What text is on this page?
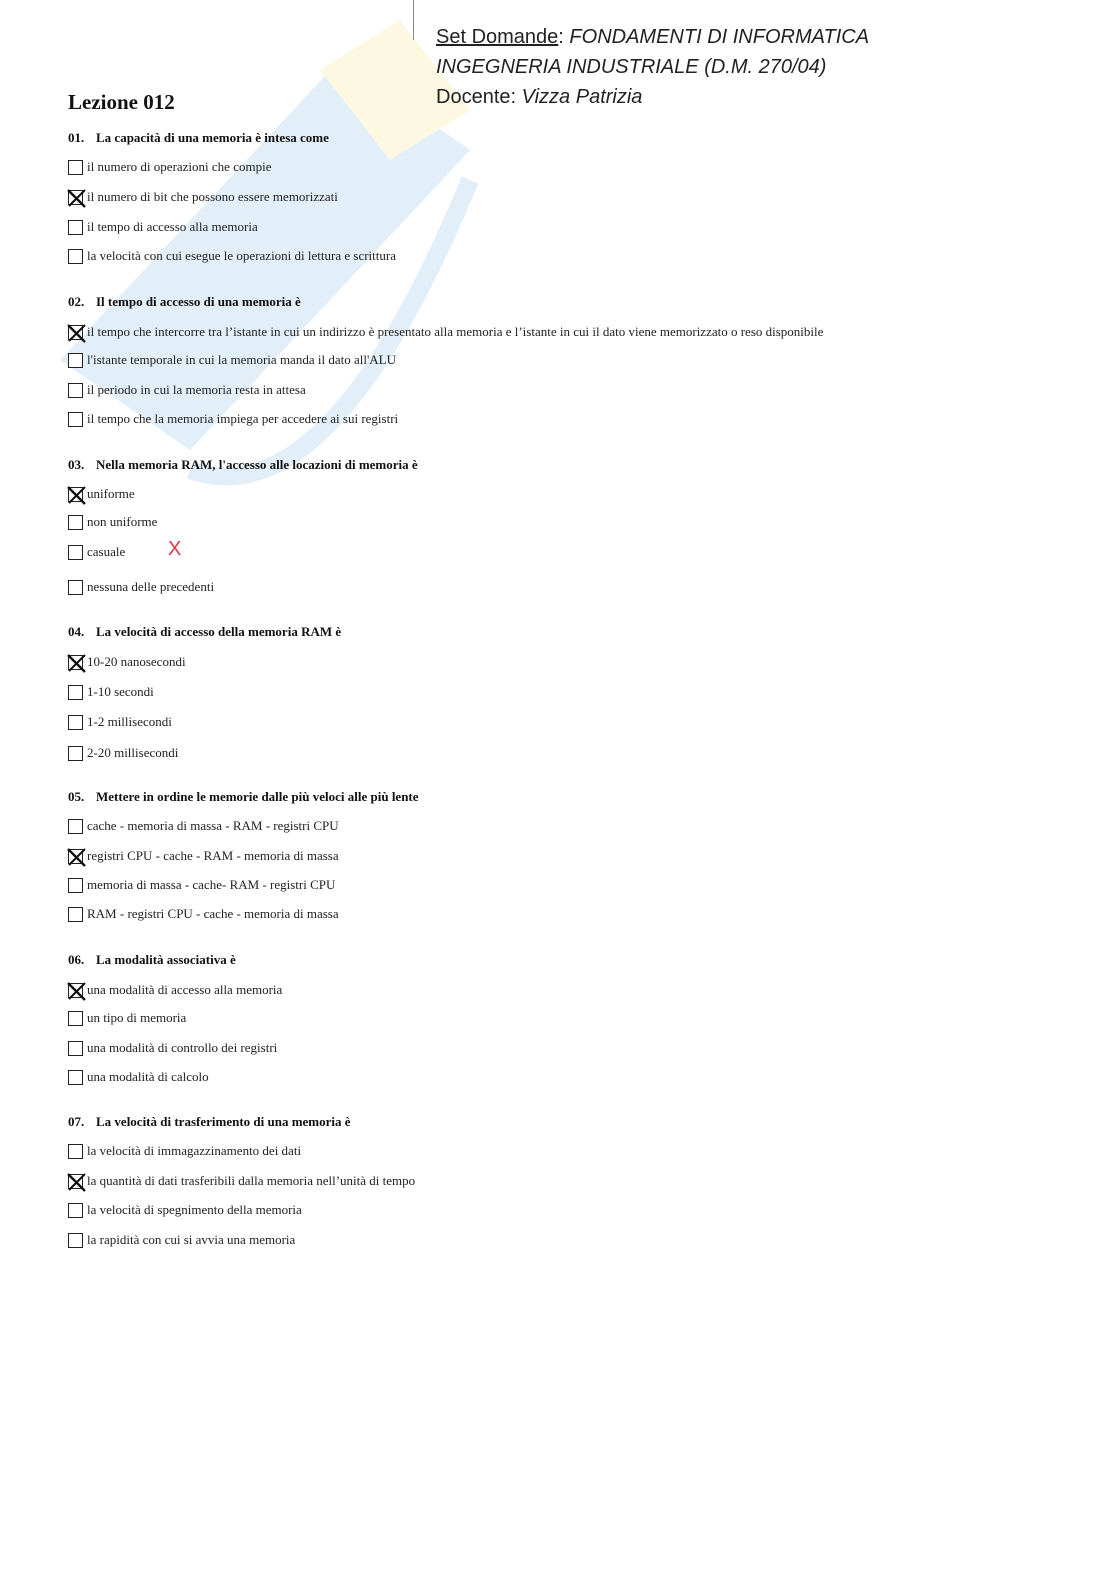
Set Domande: FONDAMENTI DI INFORMATICA
INGEGNERIA INDUSTRIALE (D.M. 270/04)
Docente: Vizza Patrizia
Lezione 012
01. La capacità di una memoria è intesa come
il numero di operazioni che compie
il numero di bit che possono essere memorizzati
il tempo di accesso alla memoria
la velocità con cui esegue le operazioni di lettura e scrittura
02. Il tempo di accesso di una memoria è
il tempo che intercorre tra l’istante in cui un indirizzo è presentato alla memoria e l’istante in cui il dato viene memorizzato o reso disponibile
l'istante temporale in cui la memoria manda il dato all'ALU
il periodo in cui la memoria resta in attesa
il tempo che la memoria impiega per accedere ai sui registri
03. Nella memoria RAM, l'accesso alle locazioni di memoria è
uniforme
non uniforme
casuale
nessuna delle precedenti
04. La velocità di accesso della memoria RAM è
10-20 nanosecondi
1-10 secondi
1-2 millisecondi
2-20 millisecondi
05. Mettere in ordine le memorie dalle più veloci alle più lente
cache - memoria di massa - RAM - registri CPU
registri CPU - cache - RAM - memoria di massa
memoria di massa - cache- RAM - registri CPU
RAM - registri CPU - cache - memoria di massa
06. La modalità associativa è
una modalità di accesso alla memoria
un tipo di memoria
una modalità di controllo dei registri
una modalità di calcolo
07. La velocità di trasferimento di una memoria è
la velocità di immagazzinamento dei dati
la quantità di dati trasferibili dalla memoria nell’unità di tempo
la velocità di spegnimento della memoria
la rapidità con cui si avvia una memoria
X
